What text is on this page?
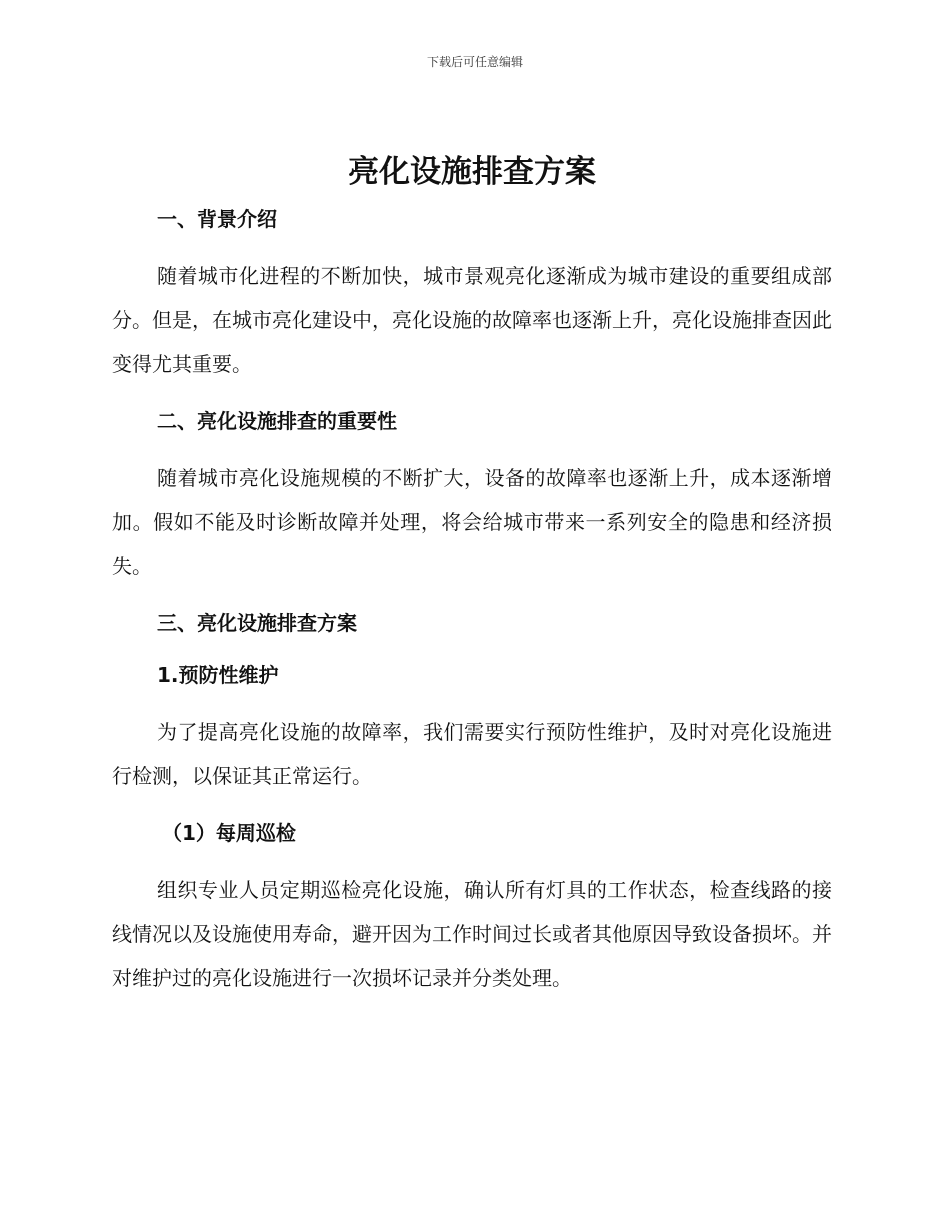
下载后可任意编辑
亮化设施排查方案
一、背景介绍

随着城市化进程的不断加快，城市景观亮化逐渐成为城市建设的重要组成部分。但是，在城市亮化建设中，亮化设施的故障率也逐渐上升，亮化设施排查因此变得尤其重要。

二、亮化设施排查的重要性

随着城市亮化设施规模的不断扩大，设备的故障率也逐渐上升，成本逐渐增加。假如不能及时诊断故障并处理，将会给城市带来一系列安全的隐患和经济损失。

三、亮化设施排查方案
1.预防性维护

为了提高亮化设施的故障率，我们需要实行预防性维护，及时对亮化设施进行检测，以保证其正常运行。

（1）每周巡检

组织专业人员定期巡检亮化设施，确认所有灯具的工作状态，检查线路的接线情况以及设施使用寿命，避开因为工作时间过长或者其他原因导致设备损坏。并对维护过的亮化设施进行一次损坏记录并分类处理。
